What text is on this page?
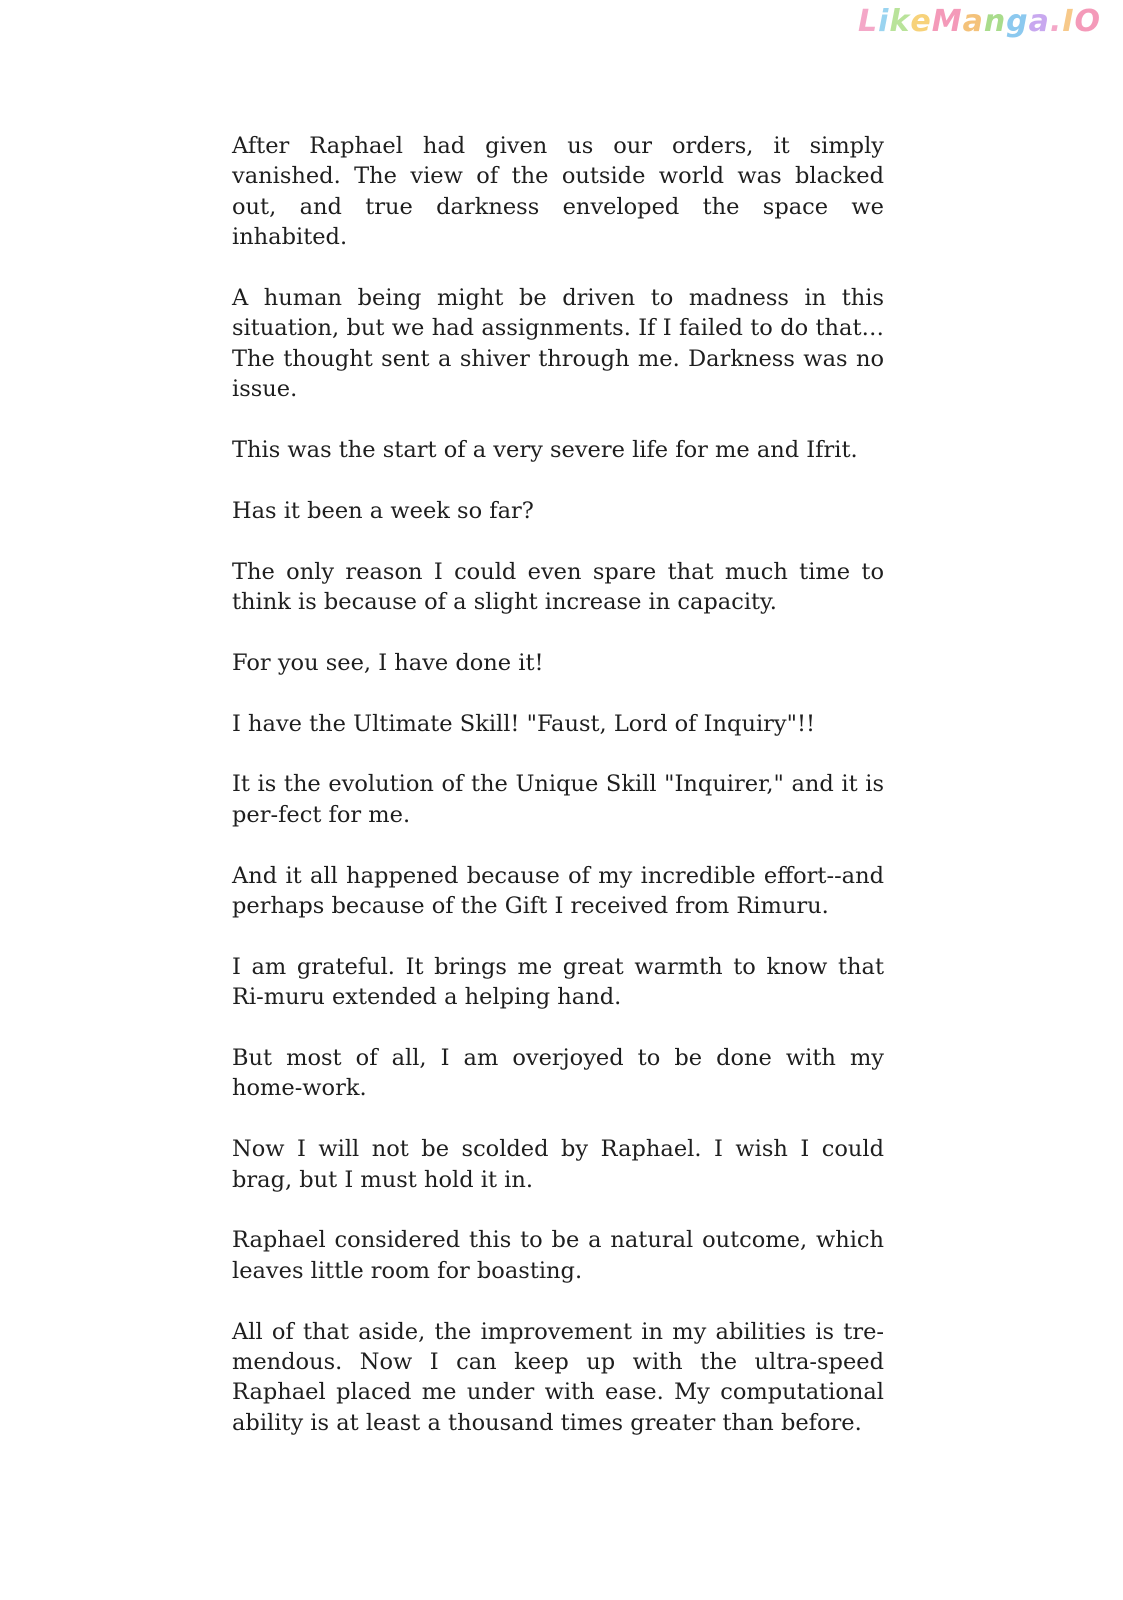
LikeManga.IO

After Raphael had given us our orders, it simply vanished. The view of the outside world was blacked out, and true darkness enveloped the space we inhabited.

A human being might be driven to madness in this situation, but we had assignments. If I failed to do that… The thought sent a shiver through me. Darkness was no issue.

This was the start of a very severe life for me and Ifrit.

Has it been a week so far?

The only reason I could even spare that much time to think is because of a slight increase in capacity.

For you see, I have done it!

I have the Ultimate Skill! "Faust, Lord of Inquiry"!!

It is the evolution of the Unique Skill "Inquirer," and it is per-fect for me.

And it all happened because of my incredible effort--and perhaps because of the Gift I received from Rimuru.

I am grateful. It brings me great warmth to know that Ri-muru extended a helping hand.

But most of all, I am overjoyed to be done with my home-work.

Now I will not be scolded by Raphael. I wish I could brag, but I must hold it in.

Raphael considered this to be a natural outcome, which leaves little room for boasting.

All of that aside, the improvement in my abilities is tre-mendous. Now I can keep up with the ultra-speed Raphael placed me under with ease. My computational ability is at least a thousand times greater than before.
